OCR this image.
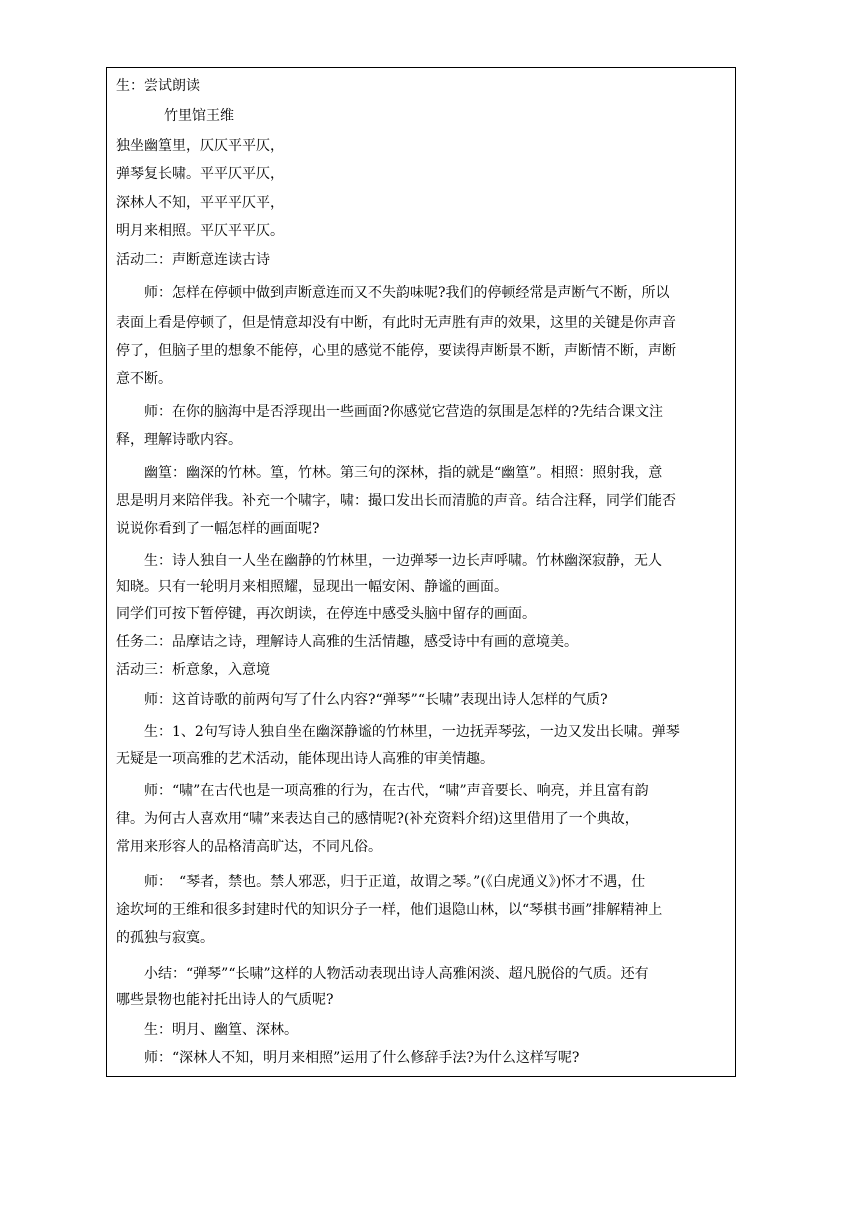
生：尝试朗读
竹里馆王维
独坐幽篁里，仄仄平平仄，
弹琴复长啸。平平仄平仄，
深林人不知，平平平仄平，
明月来相照。平仄平平仄。
活动二：声断意连读古诗
师：怎样在停顿中做到声断意连而又不失韵味呢?我们的停顿经常是声断气不断，所以
表面上看是停顿了，但是情意却没有中断，有此时无声胜有声的效果，这里的关键是你声音
停了，但脑子里的想象不能停，心里的感觉不能停，要读得声断景不断，声断情不断，声断
意不断。
师：在你的脑海中是否浮现出一些画面?你感觉它营造的氛围是怎样的?先结合课文注
释，理解诗歌内容。
幽篁：幽深的竹林。篁，竹林。第三句的深林，指的就是“幽篁”。相照：照射我，意
思是明月来陪伴我。补充一个啸字，啸：撮口发出长而清脆的声音。结合注释，同学们能否
说说你看到了一幅怎样的画面呢?
生：诗人独自一人坐在幽静的竹林里，一边弹琴一边长声呼啸。竹林幽深寂静，无人
知晓。只有一轮明月来相照耀，显现出一幅安闲、静谧的画面。
同学们可按下暂停键，再次朗读，在停连中感受头脑中留存的画面。
任务二：品摩诘之诗，理解诗人高雅的生活情趣，感受诗中有画的意境美。
活动三：析意象，入意境
师：这首诗歌的前两句写了什么内容?“弹琴”“长啸”表现出诗人怎样的气质?
生：1、2句写诗人独自坐在幽深静谧的竹林里，一边抚弄琴弦，一边又发出长啸。弹琴
无疑是一项高雅的艺术活动，能体现出诗人高雅的审美情趣。
师：“啸”在古代也是一项高雅的行为，在古代，“啸”声音要长、响亮，并且富有韵
律。为何古人喜欢用“啸”来表达自己的感情呢?(补充资料介绍)这里借用了一个典故，
常用来形容人的品格清高旷达，不同凡俗。
师：　“琴者，禁也。禁人邪恶，归于正道，故谓之琴。”(《白虎通义》)怀才不遇，仕
途坎坷的王维和很多封建时代的知识分子一样，他们退隐山林，以“琴棋书画”排解精神上
的孤独与寂寞。
小结：“弹琴”“长啸”这样的人物活动表现出诗人高雅闲淡、超凡脱俗的气质。还有
哪些景物也能衬托出诗人的气质呢?
生：明月、幽篁、深林。
师：“深林人不知，明月来相照”运用了什么修辞手法?为什么这样写呢?
